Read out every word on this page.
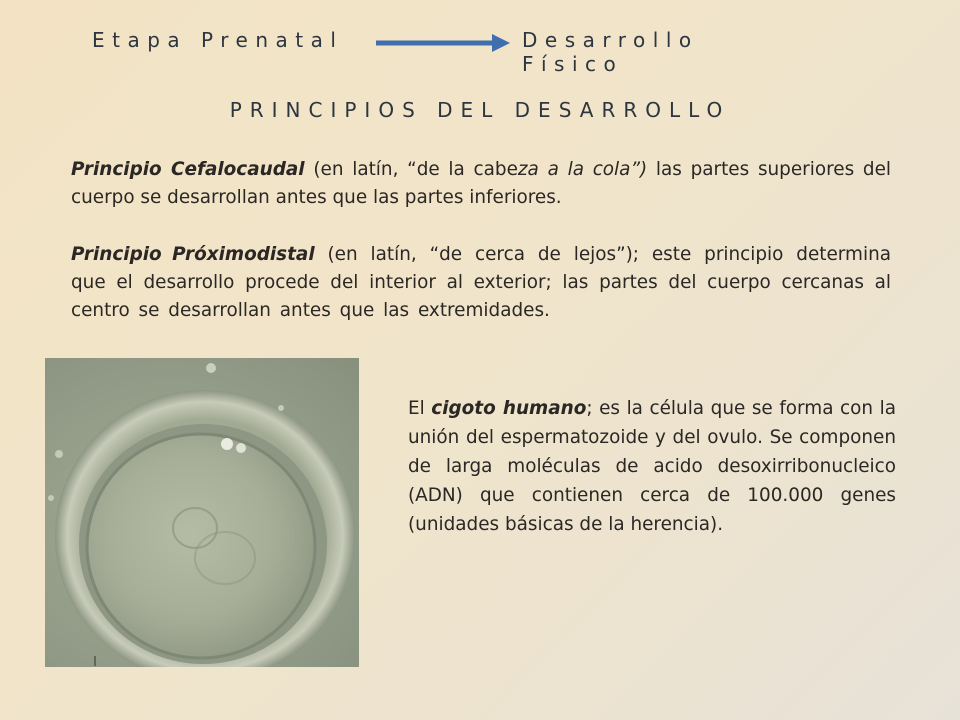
Etapa Prenatal	Desarrollo Físico
PRINCIPIOS DEL DESARROLLO
Principio Cefalocaudal (en latín, “de la cabeza a la cola”) las partes superiores del cuerpo se desarrollan antes que las partes inferiores.
Principio Próximodistal (en latín, “de cerca de lejos”); este principio determina que el desarrollo procede del interior al exterior; las partes del cuerpo cercanas al centro se desarrollan antes que las extremidades.
El cigoto humano; es la célula que se forma con la unión del espermatozoide y del ovulo. Se componen de larga moléculas de acido desoxirribonucleico (ADN) que contienen cerca de 100.000 genes (unidades básicas de la herencia).
